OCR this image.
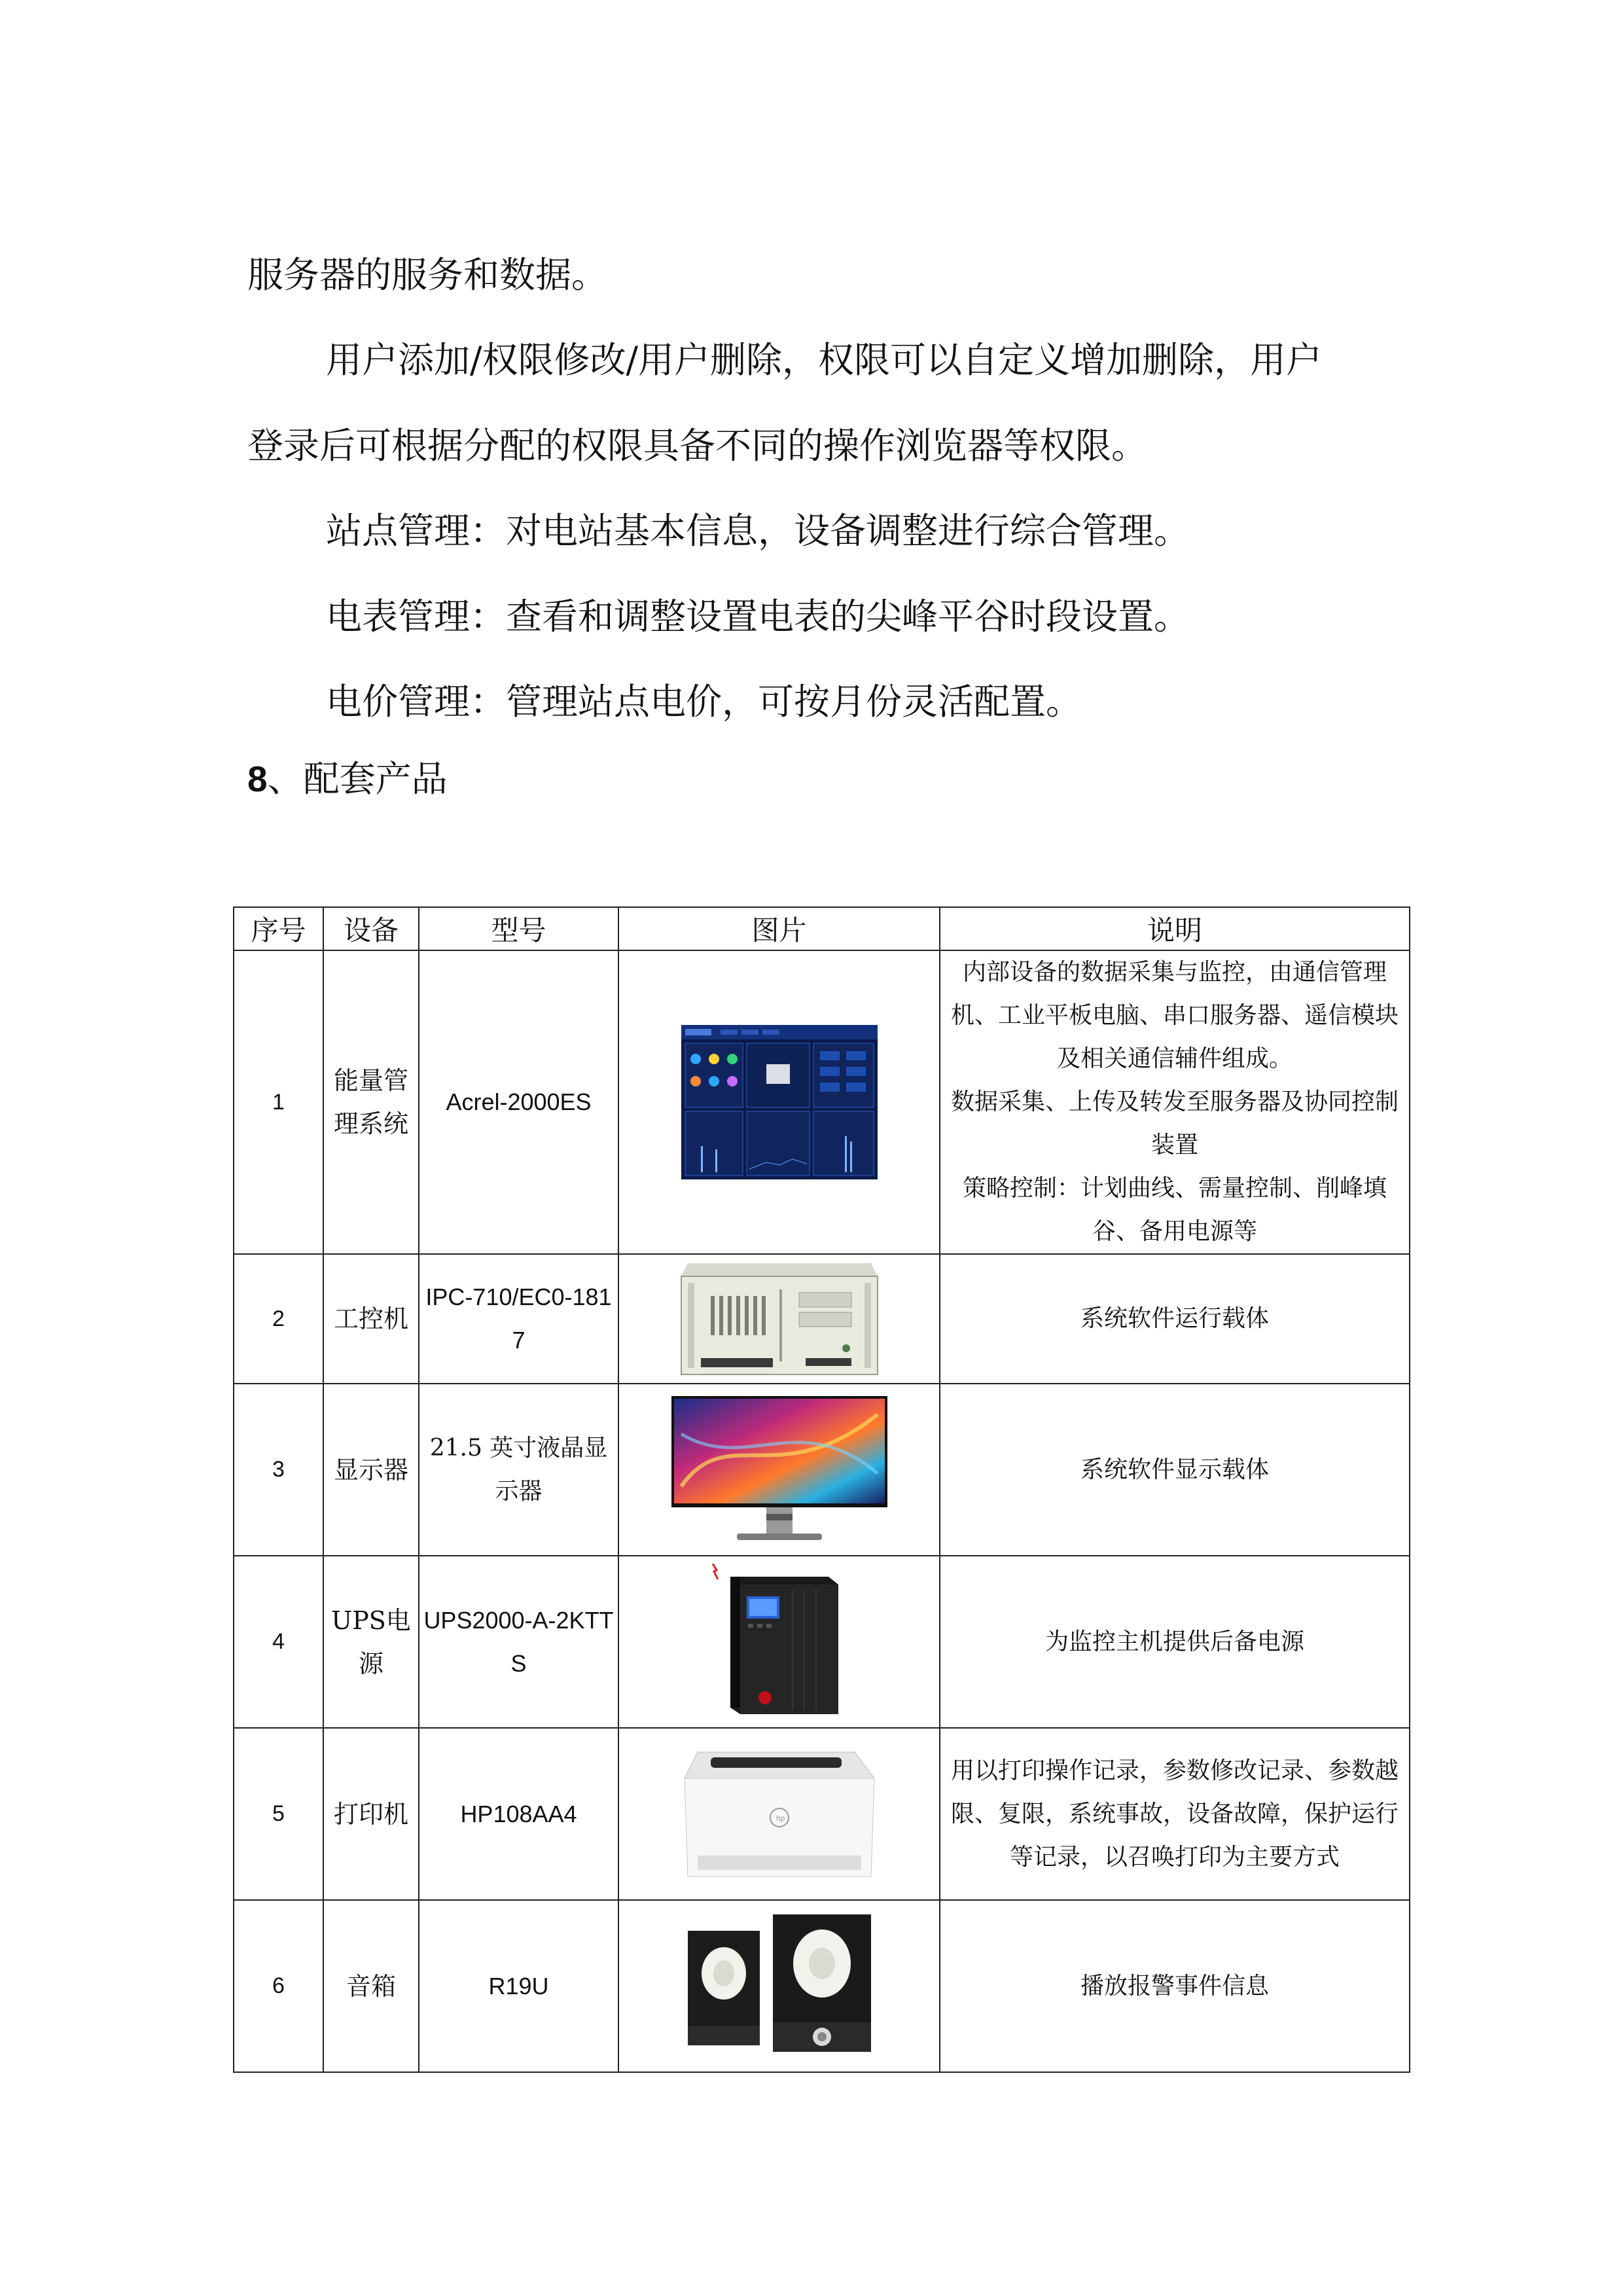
服务器的服务和数据。

用户添加/权限修改/用户删除，权限可以自定义增加删除，用户

登录后可根据分配的权限具备不同的操作浏览器等权限。

站点管理：对电站基本信息，设备调整进行综合管理。

电表管理：查看和调整设置电表的尖峰平谷时段设置。

电价管理：管理站点电价，可按月份灵活配置。

8、配套产品
序号	设备	型号	图片	说明
1	能量管理系统	Acrel-2000ES		内部设备的数据采集与监控，由通信管理机、工业平板电脑、串口服务器、遥信模块及相关通信辅件组成。
数据采集、上传及转发至服务器及协同控制装置
策略控制：计划曲线、需量控制、削峰填谷、备用电源等

2	工控机	IPC-710/EC0-1817		系统软件运行载体

3	显示器	21.5 英寸液晶显示器		系统软件显示载体

4	UPS电源	UPS2000-A-2KTTS		为监控主机提供后备电源

5	打印机	HP108AA4	hp	用以打印操作记录，参数修改记录、参数越限、复限，系统事故，设备故障，保护运行等记录，以召唤打印为主要方式

6	音箱	R19U		播放报警事件信息
